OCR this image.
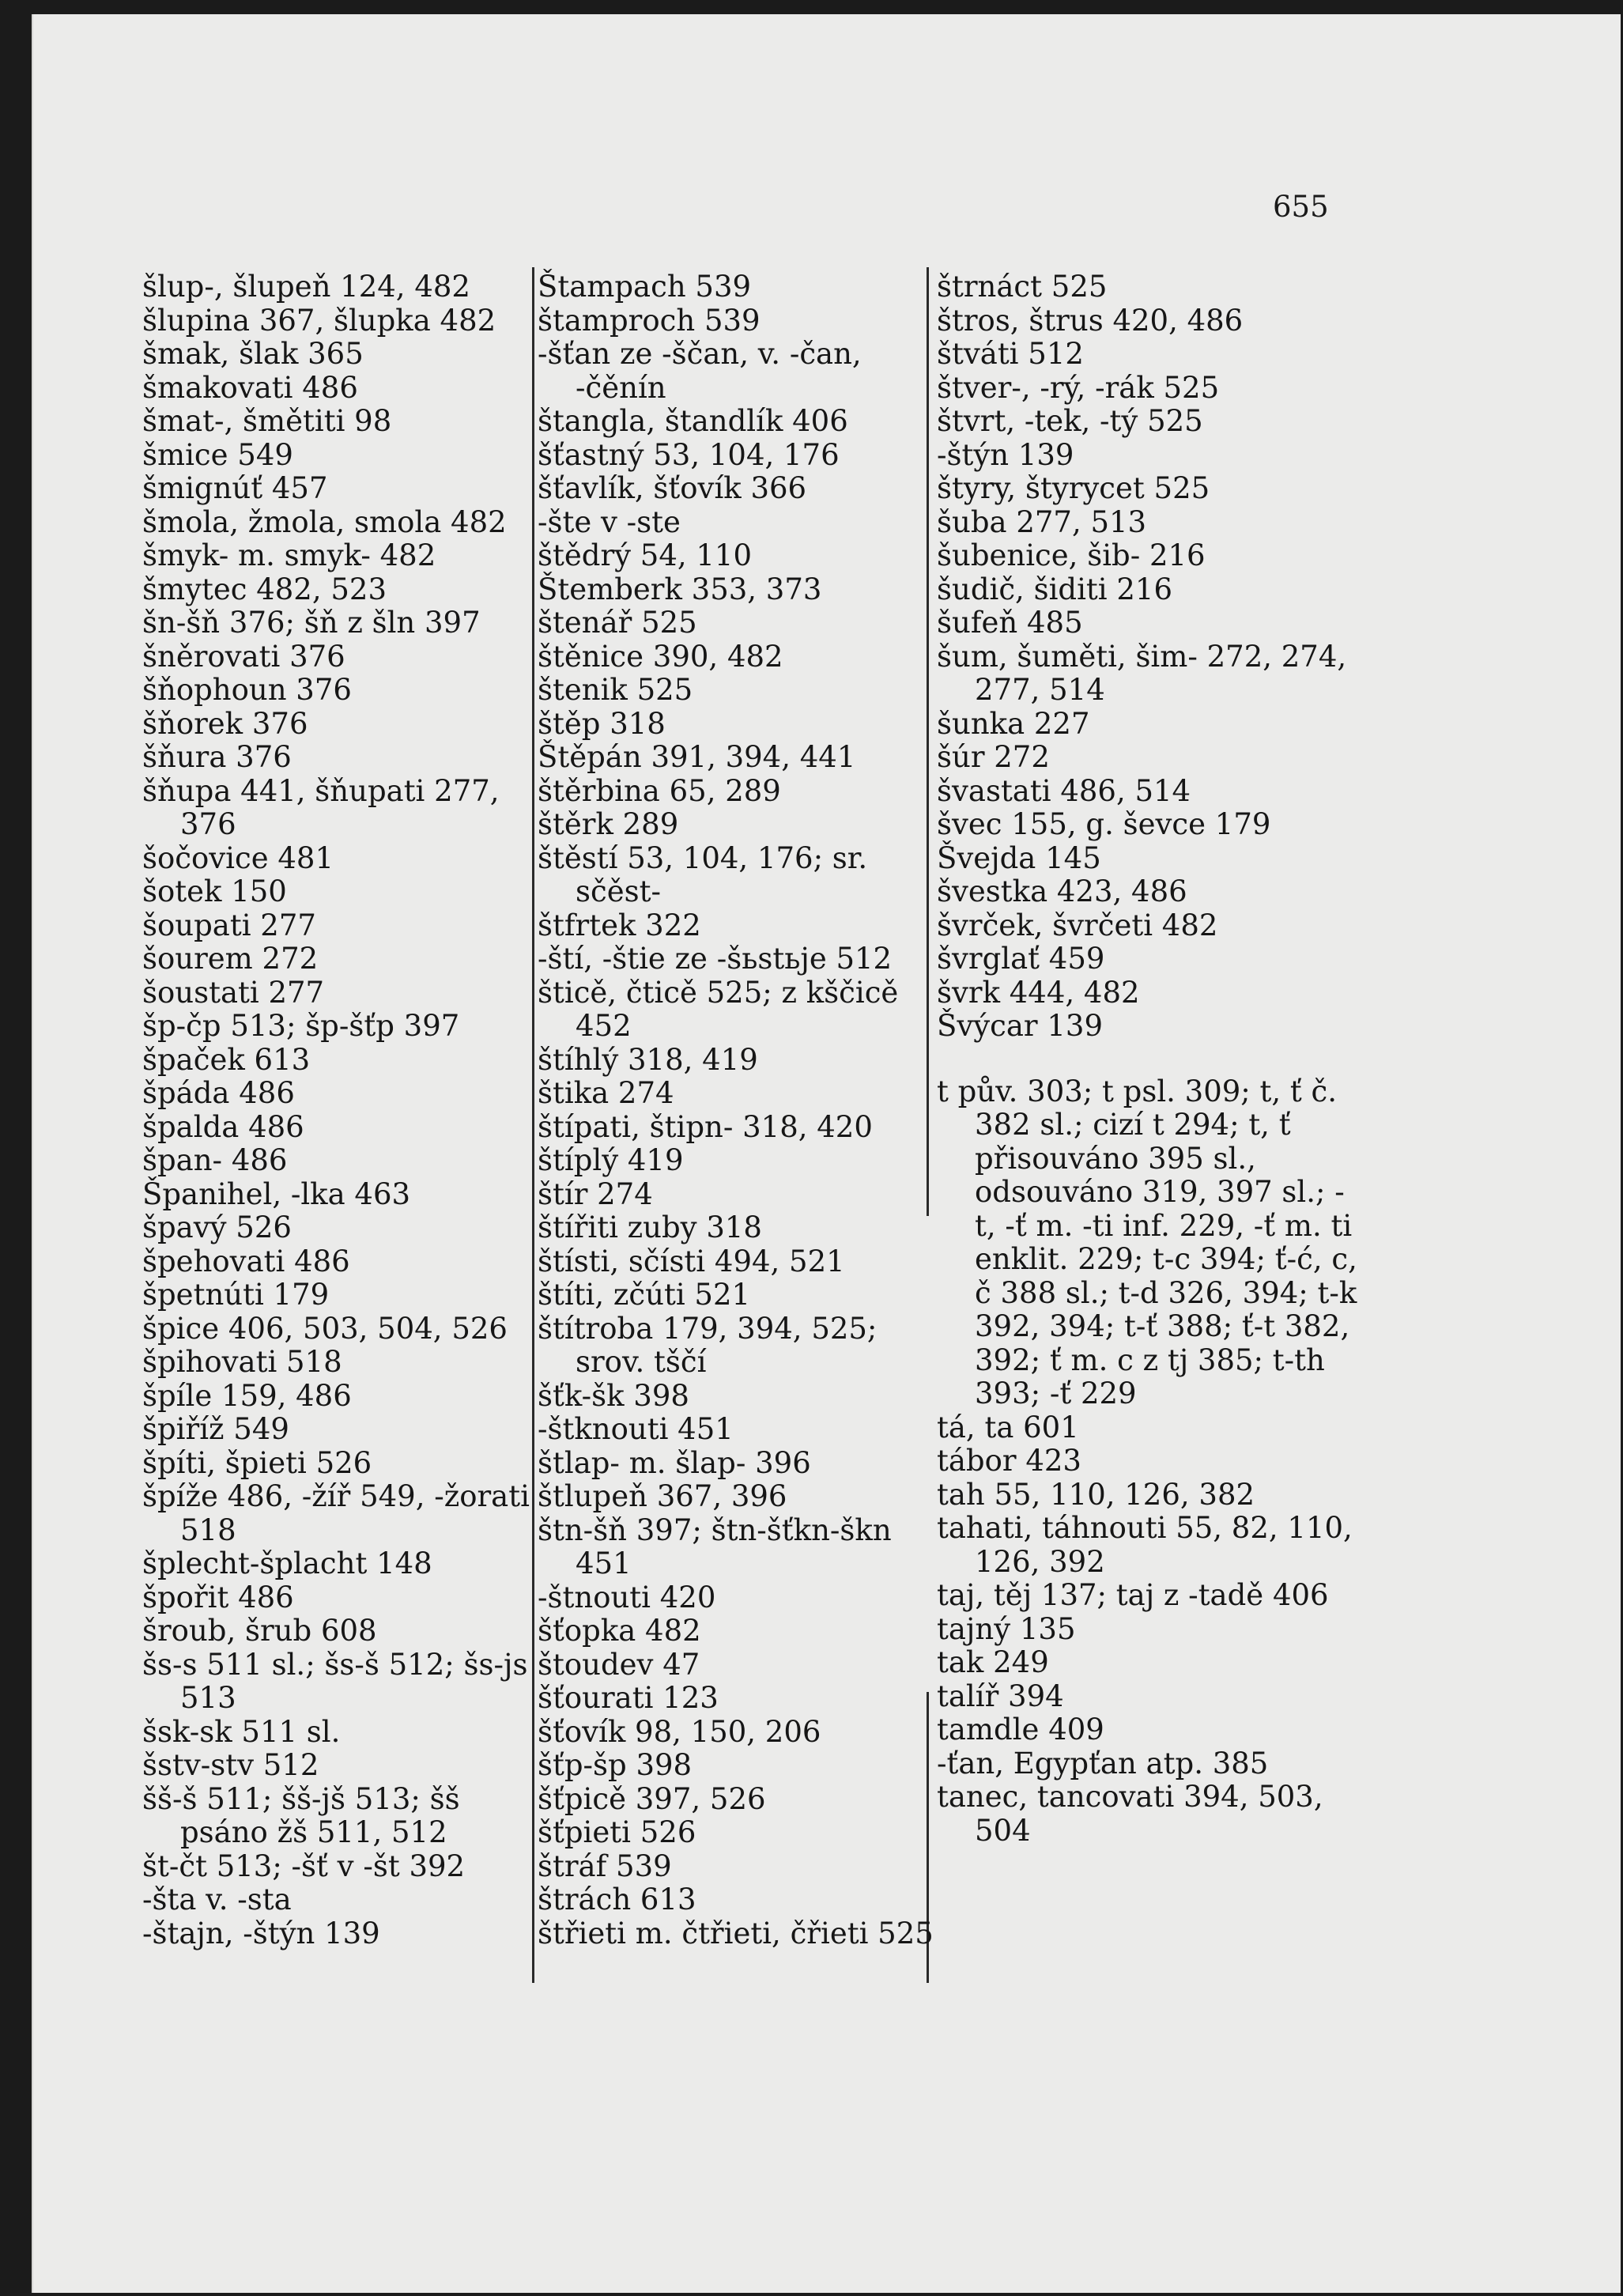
655
šlup-, šlupeň 124, 482
šlupina 367, šlupka 482
šmak, šlak 365
šmakovati 486
šmat-, šmětiti 98
šmice 549
šmignúť 457
šmola, žmola, smola 482
šmyk- m. smyk- 482
šmytec 482, 523
šn-šň 376; šň z šln 397
šněrovati 376
šňophoun 376
šňorek 376
šňura 376
šňupa 441, šňupati 277, 376
šočovice 481
šotek 150
šoupati 277
šourem 272
šoustati 277
šp-čp 513; šp-šťp 397
špaček 613
špáda 486
špalda 486
špan- 486
Španihel, -lka 463
špavý 526
špehovati 486
špetnúti 179
špice 406, 503, 504, 526
špihovati 518
špíle 159, 486
špiříž 549
špíti, špieti 526
špíže 486, -žíř 549, -žorati 518
šplecht-šplacht 148
špořit 486
šroub, šrub 608
šs-s 511 sl.; šs-š 512; šs-js 513
šsk-sk 511 sl.
šstv-stv 512
šš-š 511; šš-jš 513; šš psáno žš 511, 512
št-čt 513; -šť v -št 392
-šta v. -sta
-štajn, -štýn 139
Štampach 539
štamproch 539
-šťan ze -ščan, v. -čan, -čěnín
štangla, štandlík 406
šťastný 53, 104, 176
šťavlík, šťovík 366
-šte v -ste
štědrý 54, 110
Štemberk 353, 373
štenář 525
štěnice 390, 482
štenik 525
štěp 318
Štěpán 391, 394, 441
štěrbina 65, 289
štěrk 289
štěstí 53, 104, 176; sr. sčěst-
štfrtek 322
-ští, -štie ze -šьstьje 512
šticě, čticě 525; z kščicě 452
štíhlý 318, 419
štika 274
štípati, štipn- 318, 420
štíplý 419
štír 274
štířiti zuby 318
štísti, sčísti 494, 521
štíti, zčúti 521
štítroba 179, 394, 525; srov. tščí
šťk-šk 398
-štknouti 451
štlap- m. šlap- 396
štlupeň 367, 396
štn-šň 397; štn-šťkn-škn 451
-štnouti 420
šťopka 482
štoudev 47
šťourati 123
šťovík 98, 150, 206
šťp-šp 398
šťpicě 397, 526
šťpieti 526
štráf 539
štrách 613
štřieti m. čtřieti, čřieti 525
štrnáct 525
štros, štrus 420, 486
štváti 512
štver-, -rý, -rák 525
štvrt, -tek, -tý 525
-štýn 139
štyry, štyrycet 525
šuba 277, 513
šubenice, šib- 216
šudič, šiditi 216
šufeň 485
šum, šuměti, šim- 272, 274, 277, 514
šunka 227
šúr 272
švastati 486, 514
švec 155, g. ševce 179
Švejda 145
švestka 423, 486
švrček, švrčeti 482
švrglať 459
švrk 444, 482
Švýcar 139
t pův. 303; t psl. 309; t, ť č. 382 sl.; cizí t 294; t, ť přisouváno 395 sl., odsouváno 319, 397 sl.; -t, -ť m. -ti inf. 229, -ť m. ti enklit. 229; t-c 394; ť-ć, c, č 388 sl.; t-d 326, 394; t-k 392, 394; t-ť 388; ť-t 382, 392; ť m. c z tj 385; t-th 393; -ť 229
tá, ta 601
tábor 423
tah 55, 110, 126, 382
tahati, táhnouti 55, 82, 110, 126, 392
taj, těj 137; taj z -tadě 406
tajný 135
tak 249
talíř 394
tamdle 409
-ťan, Egypťan atp. 385
tanec, tancovati 394, 503, 504
